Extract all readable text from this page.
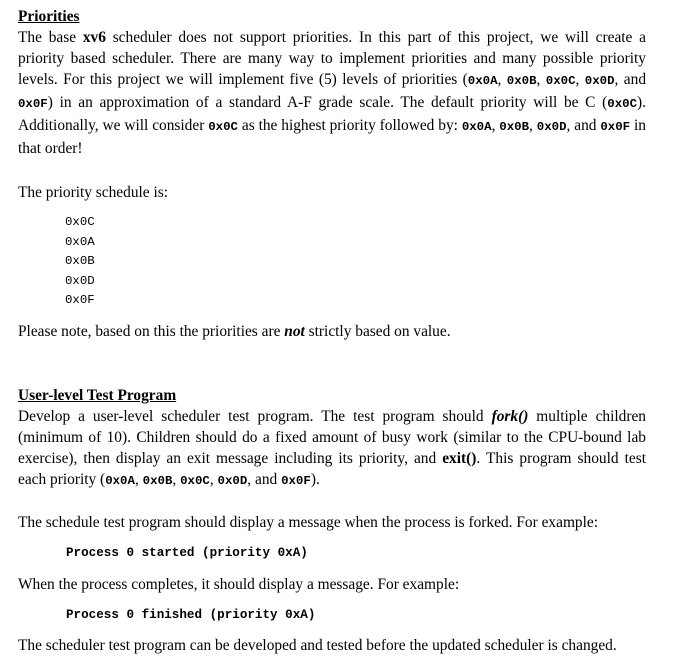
Priorities

The base xv6 scheduler does not support priorities. In this part of this project, we will create a priority based scheduler. There are many way to implement priorities and many possible priority levels. For this project we will implement five (5) levels of priorities (0x0A, 0x0B, 0x0C, 0x0D, and 0x0F) in an approximation of a standard A-F grade scale. The default priority will be C (0x0C). Additionally, we will consider 0x0C as the highest priority followed by: 0x0A, 0x0B, 0x0D, and 0x0F in that order!

The priority schedule is:

0x0C
0x0A
0x0B
0x0D
0x0F

Please note, based on this the priorities are not strictly based on value.

User-level Test Program

Develop a user-level scheduler test program. The test program should fork() multiple children (minimum of 10). Children should do a fixed amount of busy work (similar to the CPU-bound lab exercise), then display an exit message including its priority, and exit(). This program should test each priority (0x0A, 0x0B, 0x0C, 0x0D, and 0x0F).

The schedule test program should display a message when the process is forked. For example:

Process 0 started (priority 0xA)

When the process completes, it should display a message. For example:

Process 0 finished (priority 0xA)

The scheduler test program can be developed and tested before the updated scheduler is changed.
